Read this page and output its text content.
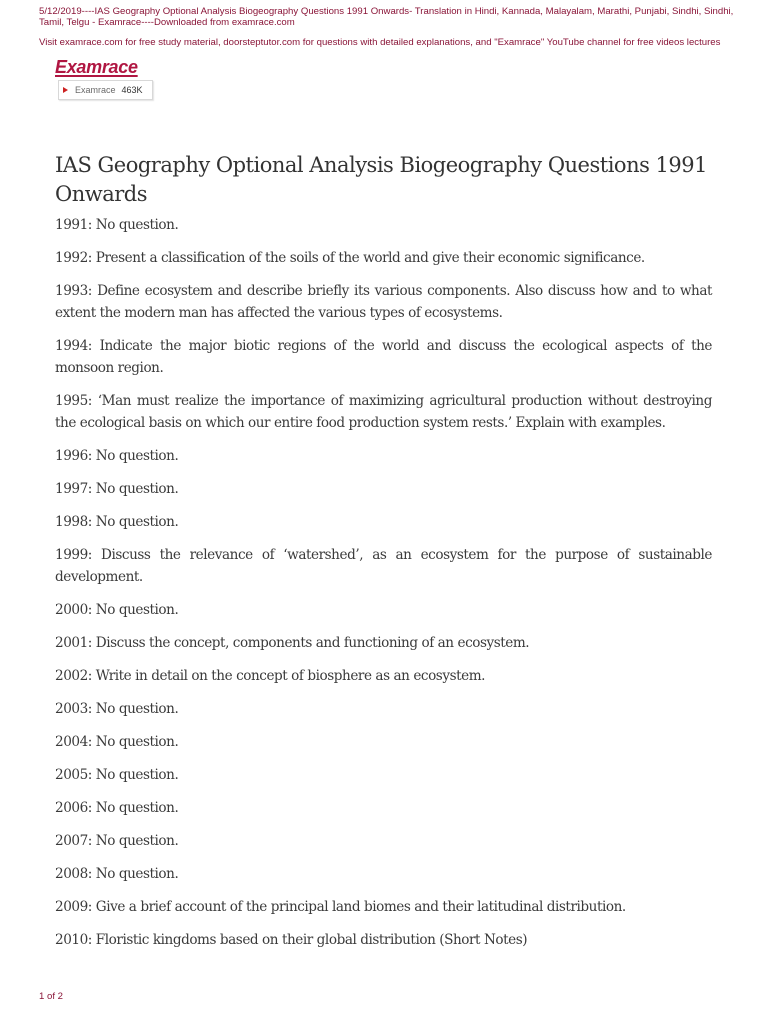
5/12/2019----IAS Geography Optional Analysis Biogeography Questions 1991 Onwards- Translation in Hindi, Kannada, Malayalam, Marathi, Punjabi, Sindhi, Sindhi, Tamil, Telgu - Examrace----Downloaded from examrace.com
Visit examrace.com for free study material, doorsteptutor.com for questions with detailed explanations, and "Examrace" YouTube channel for free videos lectures
Examrace
Examrace 463K
IAS Geography Optional Analysis Biogeography Questions 1991 Onwards

1991: No question.

1992: Present a classification of the soils of the world and give their economic significance.

1993: Define ecosystem and describe briefly its various components. Also discuss how and to what extent the modern man has affected the various types of ecosystems.

1994: Indicate the major biotic regions of the world and discuss the ecological aspects of the monsoon region.

1995: ‘Man must realize the importance of maximizing agricultural production without destroying the ecological basis on which our entire food production system rests.’ Explain with examples.

1996: No question.

1997: No question.

1998: No question.

1999: Discuss the relevance of ‘watershed’, as an ecosystem for the purpose of sustainable development.

2000: No question.

2001: Discuss the concept, components and functioning of an ecosystem.

2002: Write in detail on the concept of biosphere as an ecosystem.

2003: No question.

2004: No question.

2005: No question.

2006: No question.

2007: No question.

2008: No question.

2009: Give a brief account of the principal land biomes and their latitudinal distribution.

2010: Floristic kingdoms based on their global distribution (Short Notes)

1 of 2
